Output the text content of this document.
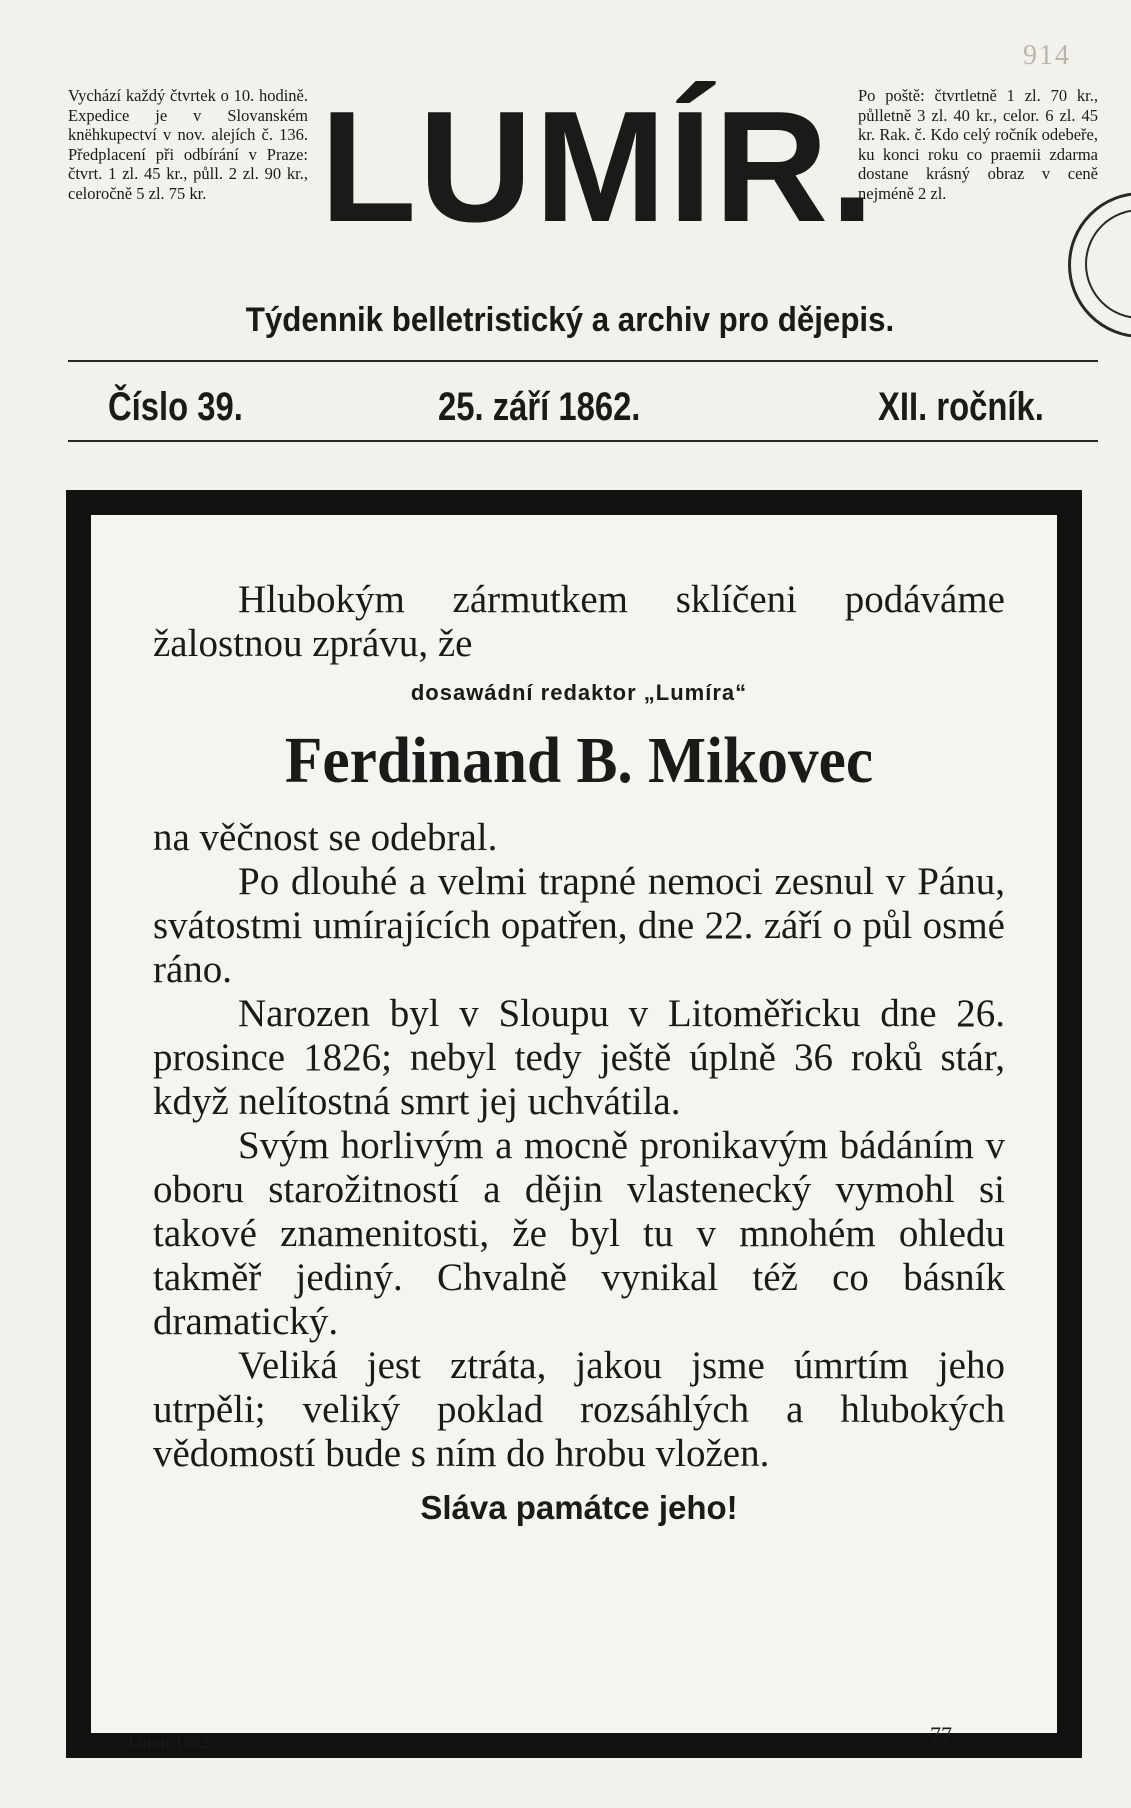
914
Vychází každý čtvrtek o 10. hodině. Expedice je v Slovanském knëhkupectví v nov. alejích č. 136. Předplacení při odbírání v Praze: čtvrt. 1 zl. 45 kr., půll. 2 zl. 90 kr., celoročně 5 zl. 75 kr. LUMÍR.
Po poště: čtvrtletně 1 zl. 70 kr., půlletně 3 zl. 40 kr., celor. 6 zl. 45 kr. Rak. č. Kdo celý ročník odebeře, ku konci roku co praemii zdarma dostane krásný obraz v ceně nejméně 2 zl.
Týdennik belletristický a archiv pro dějepis.
Číslo 39.	25. září 1862.	XII. ročník.

Hlubokým zármutkem sklíčeni podáváme žalostnou zprávu, že

dosawádní redaktor „Lumíra“

Ferdinand B. Mikovec

na věčnost se odebral.

Po dlouhé a velmi trapné nemoci zesnul v Pánu, svátostmi umírajících opatřen, dne 22. září o půl osmé ráno.

Narozen byl v Sloupu v Litoměřicku dne 26. prosince 1826; nebyl tedy ještě úplně 36 roků stár, když nelítostná smrt jej uchvátila.

Svým horlivým a mocně pronikavým bádáním v oboru starožitností a dějin vlastenecký vymohl si takové znamenitosti, že byl tu v mnohém ohledu takměř jediný. Chvalně vynikal též co básník dramatický.

Veliká jest ztráta, jakou jsme úmrtím jeho utrpěli; veliký poklad rozsáhlých a hlubokých vědomostí bude s ním do hrobu vložen.

Sláva památce jeho!

Lumír 1862.	77
